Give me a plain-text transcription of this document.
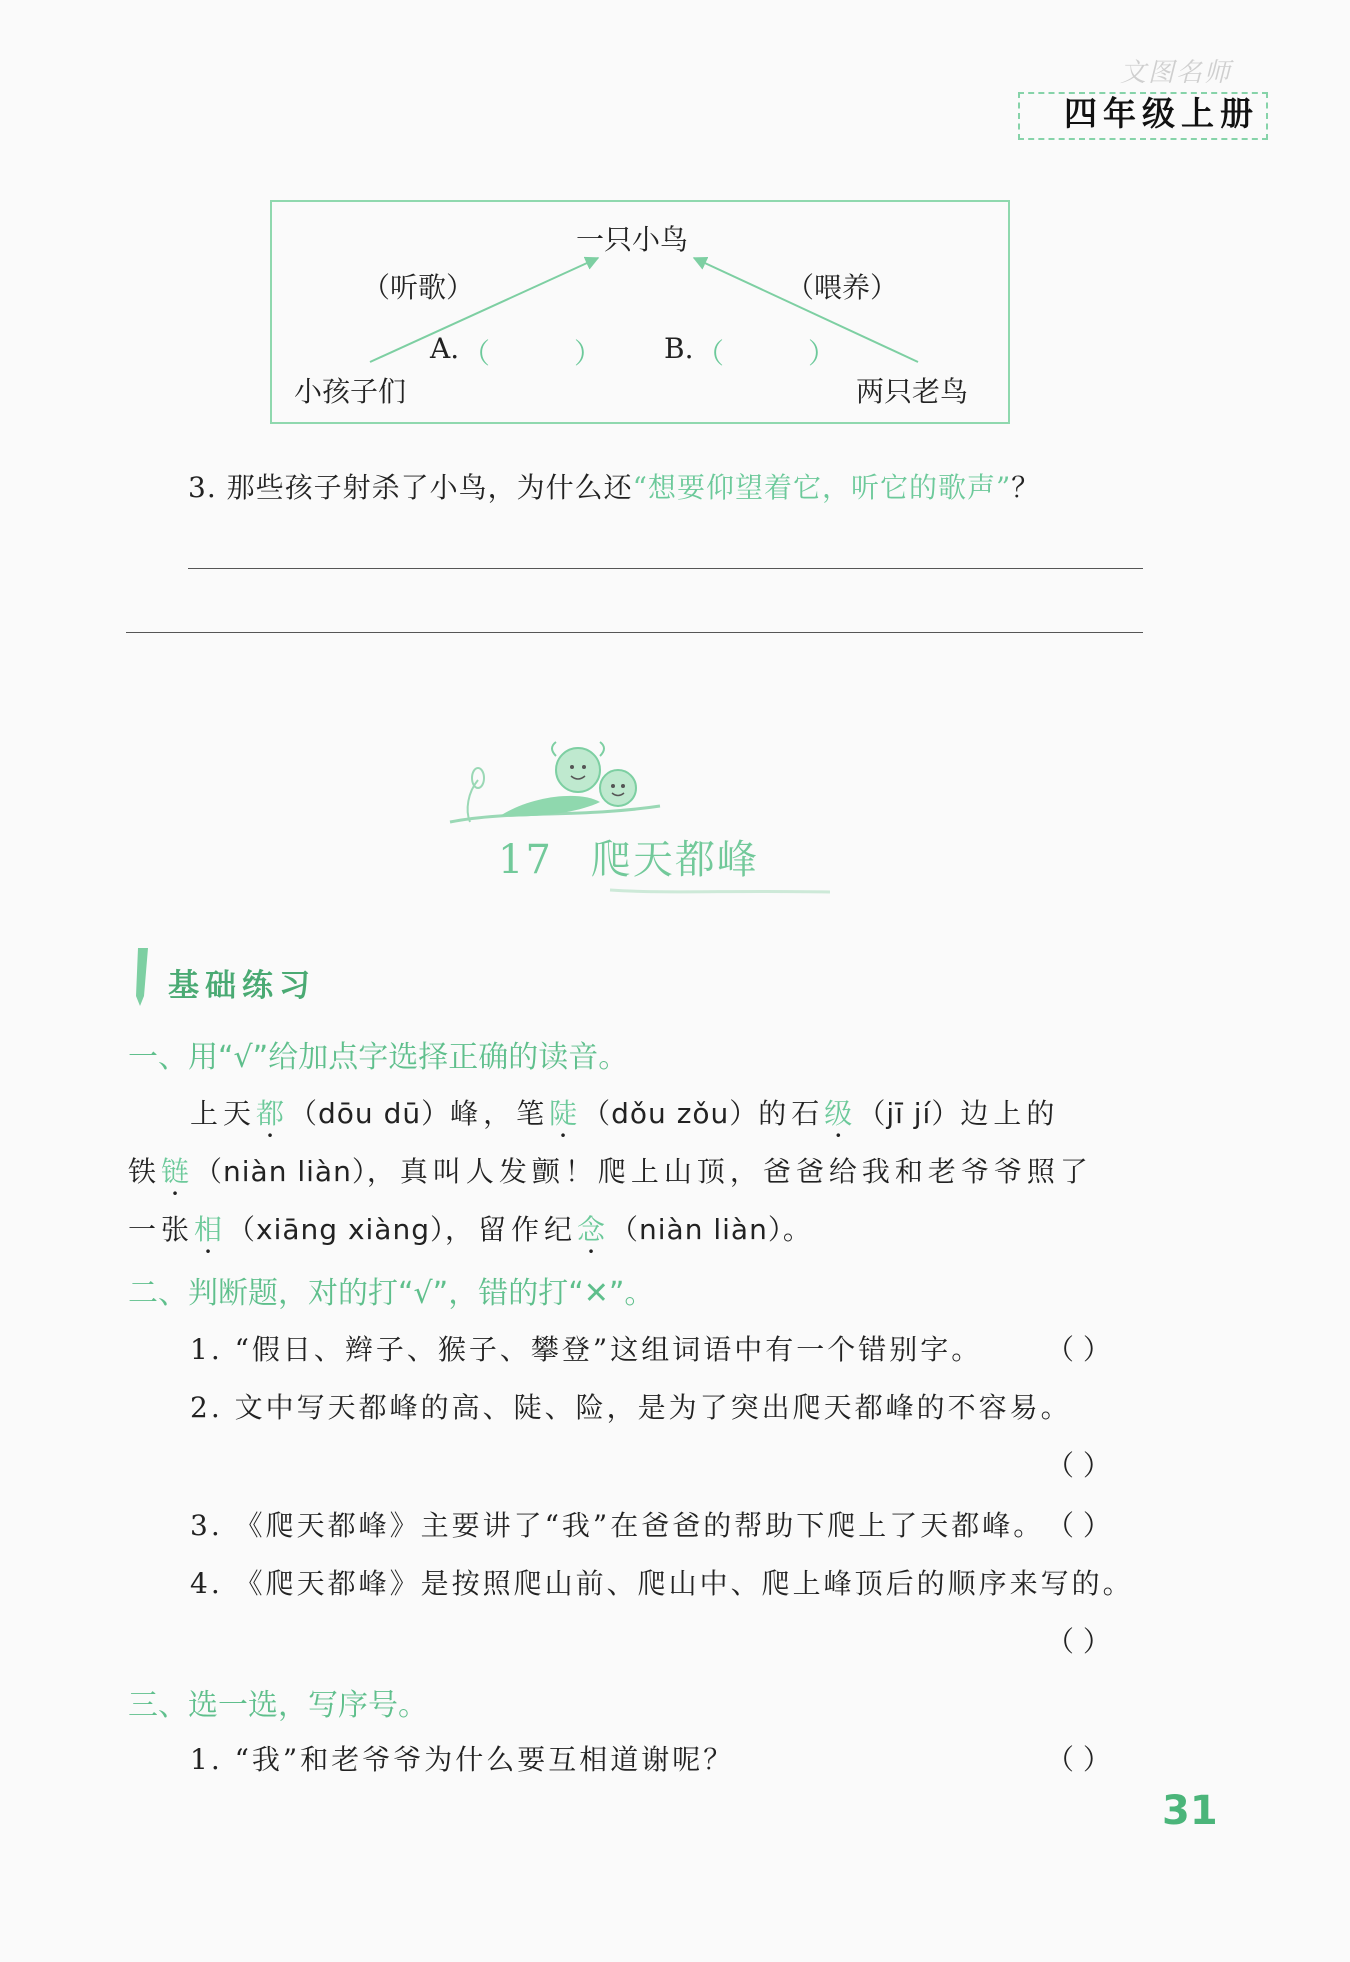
文图名师
四年级上册
一只小鸟
（听歌）	（喂养）
A. （	） B. （	）
小孩子们	两只老鸟
3. 那些孩子射杀了小鸟，为什么还“想要仰望着它，听它的歌声”？
17 爬天都峰
基础练习
一、用“√”给加点字选择正确的读音。
上天都（dōu dū）峰，笔陡（dǒu zǒu）的石级（jī jí）边上的
铁链（niàn liàn），真叫人发颤！爬上山顶，爸爸给我和老爷爷照了
一张相（xiāng xiàng），留作纪念（niàn liàn）。
二、判断题，对的打“√”，错的打“✕”。
1. “假日、辫子、猴子、攀登”这组词语中有一个错别字。 （ ）
2. 文中写天都峰的高、陡、险，是为了突出爬天都峰的不容易。
（ ）
3. 《爬天都峰》主要讲了“我”在爸爸的帮助下爬上了天都峰。 （ ）
4. 《爬天都峰》是按照爬山前、爬山中、爬上峰顶后的顺序来写的。
（ ）
三、选一选，写序号。
1. “我”和老爷爷为什么要互相道谢呢？	（ ）
31
